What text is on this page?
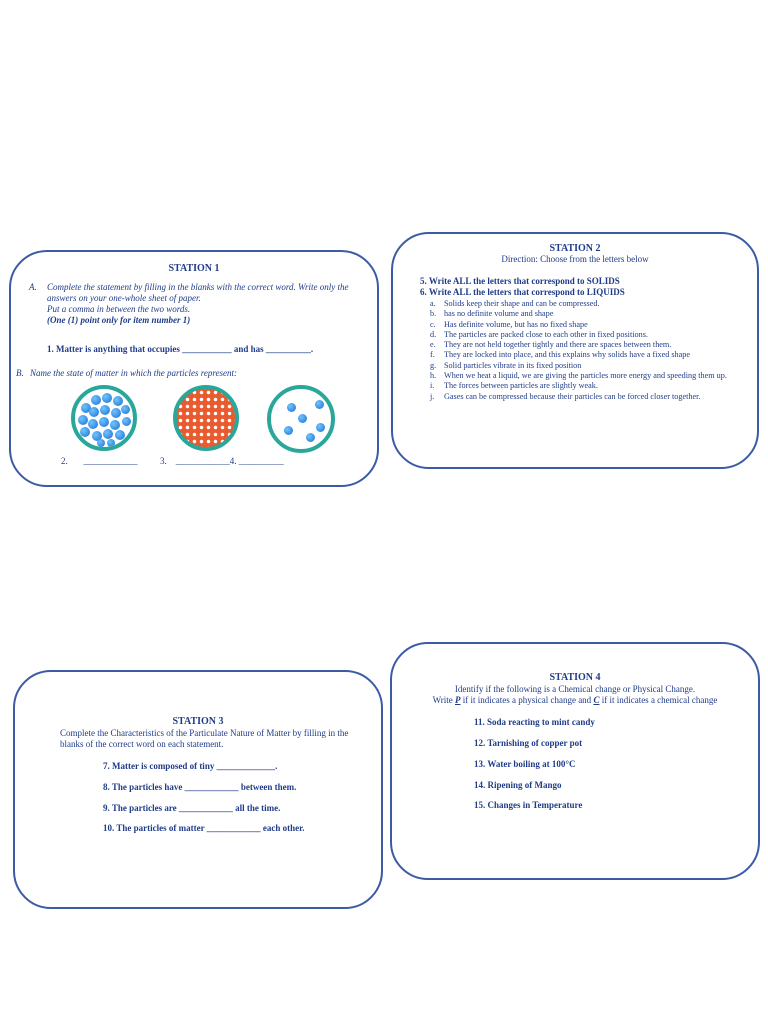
STATION 1
A. Complete the statement by filling in the blanks with the correct word. Write only the answers on your one-whole sheet of paper.
Put a comma in between the two words.
(One (1) point only for item number 1)
1. Matter is anything that occupies ___________ and has __________.
B. Name the state of matter in which the particles represent:
2.       ____________          3.    ____________4. __________
STATION 2
Direction: Choose from the letters below
5. Write ALL the letters that correspond to SOLIDS
6. Write ALL the letters that correspond to LIQUIDS
a. Solids keep their shape and can be compressed.
b. has no definite volume and shape
c. Has definite volume, but has no fixed shape
d. The particles are packed close to each other in fixed positions.
e. They are not held together tightly and there are spaces between them.
f. They are locked into place, and this explains why solids have a fixed shape
g. Solid particles vibrate in its fixed position
h. When we heat a liquid, we are giving the particles more energy and speeding them up.
i. The forces between particles are slightly weak.
j. Gases can be compressed because their particles can be forced closer together.
STATION 3
Complete the Characteristics of the Particulate Nature of Matter by filling in the blanks of the correct word on each statement.
7. Matter is composed of tiny _____________.
8. The particles have ____________ between them.
9. The particles are ____________ all the time.
10. The particles of matter ____________ each other.
STATION 4
Identify if the following is a Chemical change or Physical Change.
Write P if it indicates a physical change and C if it indicates a chemical change
11. Soda reacting to mint candy
12. Tarnishing of copper pot
13. Water boiling at 100°C
14. Ripening of Mango
15. Changes in Temperature
